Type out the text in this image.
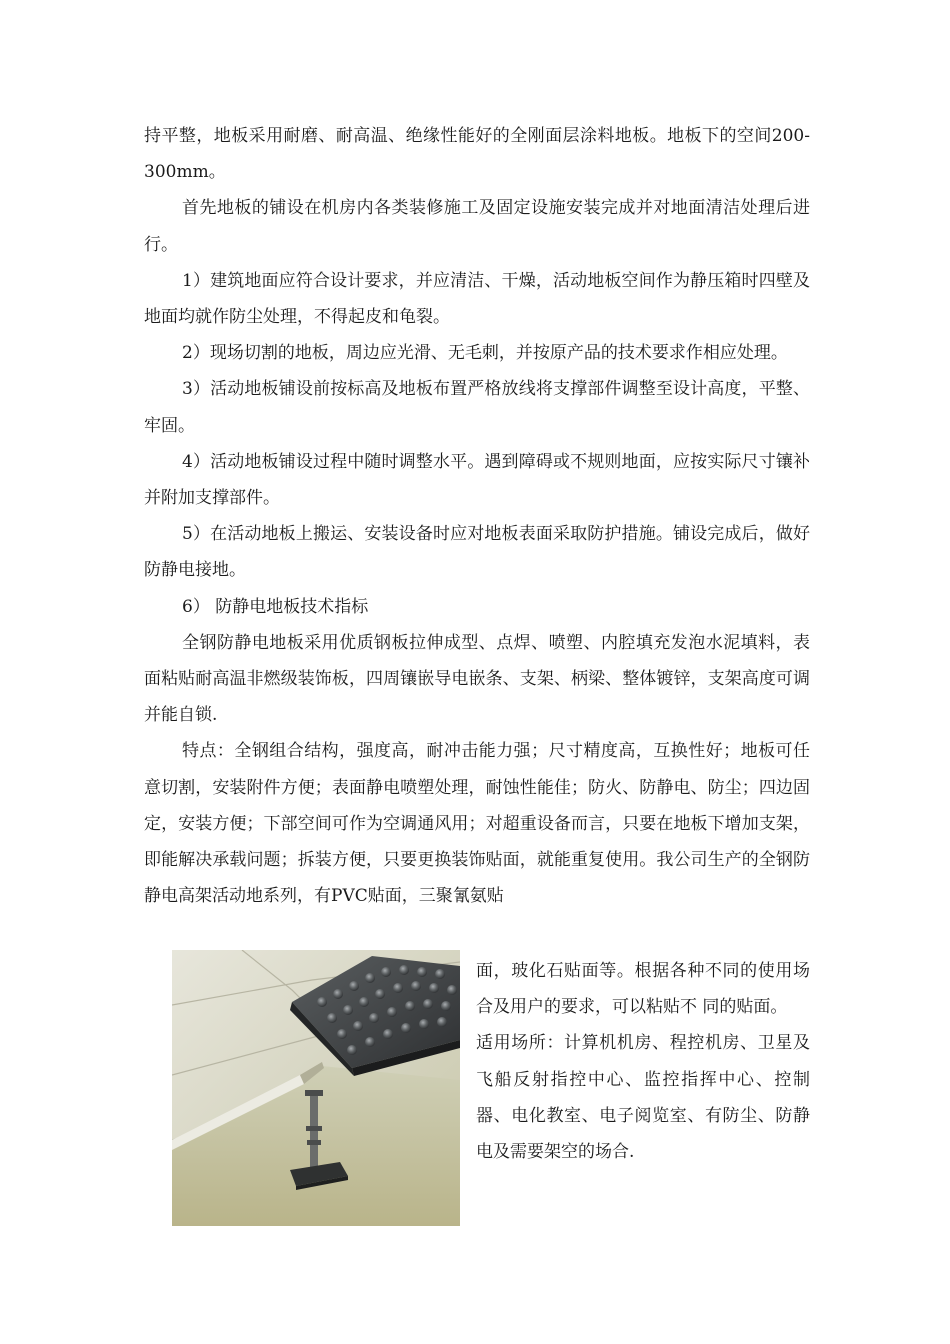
持平整，地板采用耐磨、耐高温、绝缘性能好的全刚面层涂料地板。地板下的空间200-300mm。

首先地板的铺设在机房内各类装修施工及固定设施安装完成并对地面清洁处理后进行。

1）建筑地面应符合设计要求，并应清洁、干燥，活动地板空间作为静压箱时四壁及地面均就作防尘处理，不得起皮和龟裂。

2）现场切割的地板，周边应光滑、无毛刺，并按原产品的技术要求作相应处理。

3）活动地板铺设前按标高及地板布置严格放线将支撑部件调整至设计高度，平整、牢固。

4）活动地板铺设过程中随时调整水平。遇到障碍或不规则地面，应按实际尺寸镶补并附加支撑部件。

5）在活动地板上搬运、安装设备时应对地板表面采取防护措施。铺设完成后，做好防静电接地。

6） 防静电地板技术指标

全钢防静电地板采用优质钢板拉伸成型、点焊、喷塑、内腔填充发泡水泥填料，表面粘贴耐高温非燃级装饰板，四周镶嵌导电嵌条、支架、柄梁、整体镀锌，支架高度可调并能自锁.

特点：全钢组合结构，强度高，耐冲击能力强；尺寸精度高，互换性好；地板可任意切割，安装附件方便；表面静电喷塑处理，耐蚀性能佳；防火、防静电、防尘；四边固定，安装方便；下部空间可作为空调通风用；对超重设备而言，只要在地板下增加支架，即能解决承载问题；拆装方便，只要更换装饰贴面，就能重复使用。我公司生产的全钢防静电高架活动地系列，有PVC贴面，三聚氰氨贴

面，玻化石贴面等。根据各种不同的使用场合及用户的要求，可以粘贴不 同的贴面。

适用场所：计算机机房、程控机房、卫星及飞船反射指控中心、监控指挥中心、控制器、电化教室、电子阅览室、有防尘、防静电及需要架空的场合.
